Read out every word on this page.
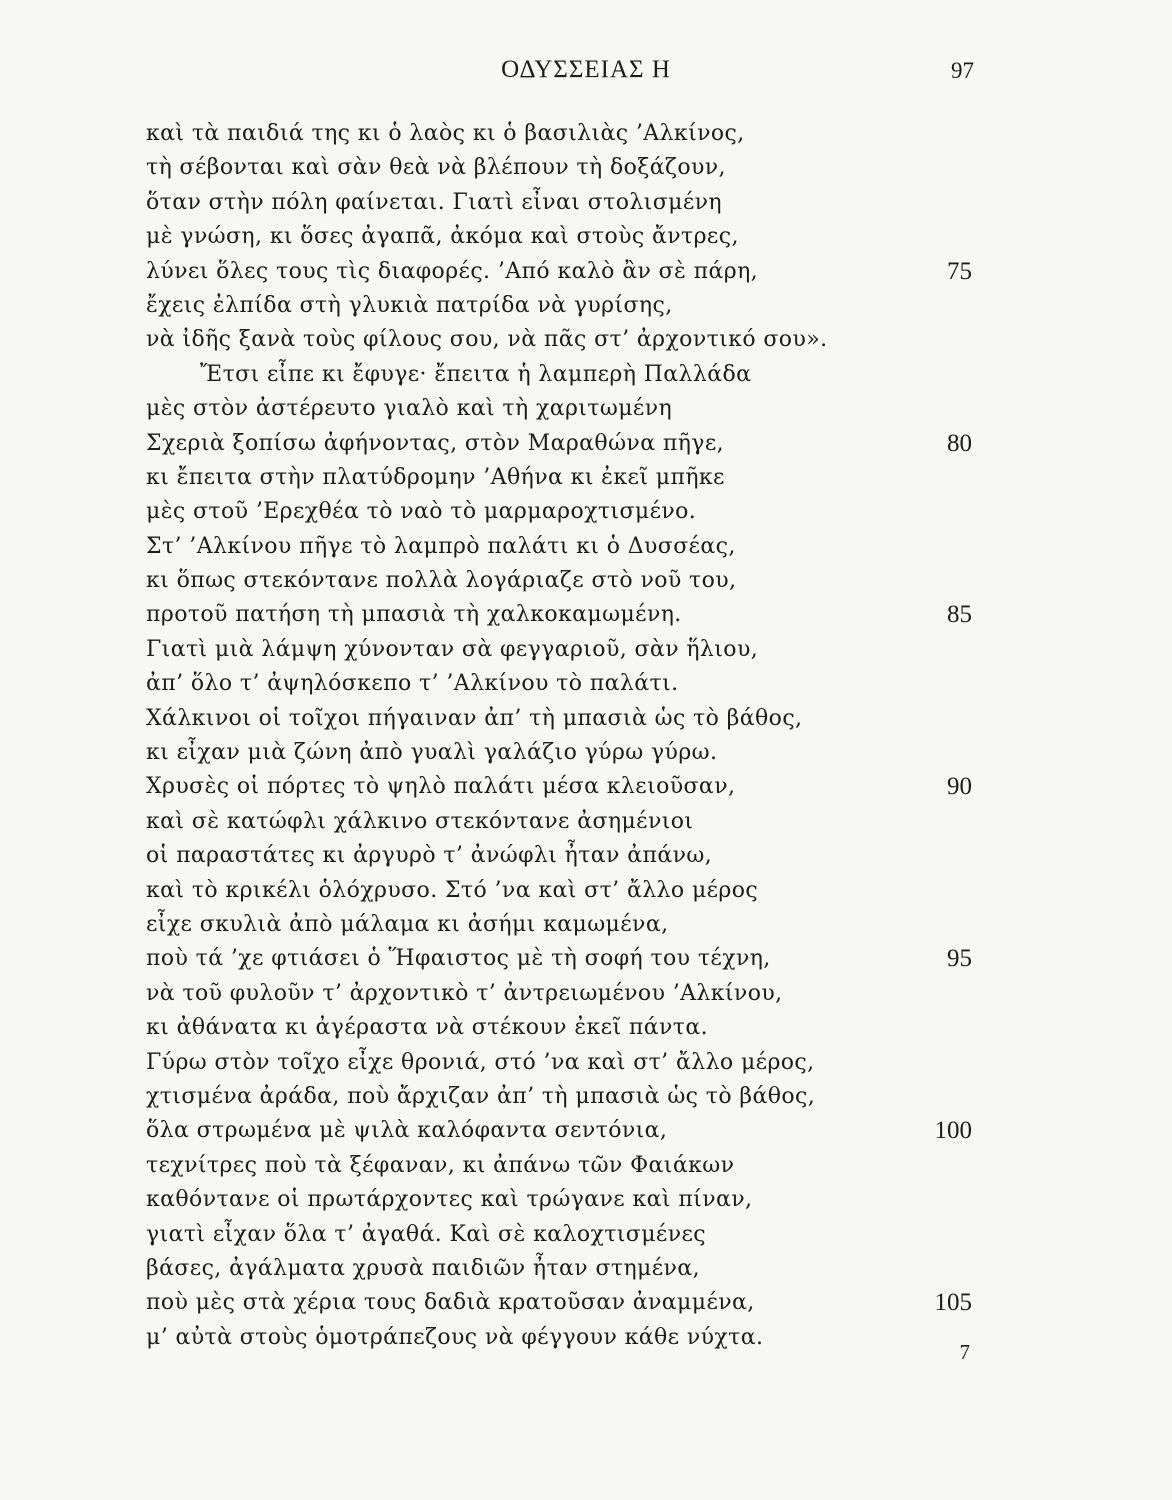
ΟΔΥΣΣΕΙΑΣ Η	97
καὶ τὰ παιδιά της κι ὁ λαὸς κι ὁ βασιλιὰς ’Αλκίνος,
τὴ σέβονται καὶ σὰν θεὰ νὰ βλέπουν τὴ δοξάζουν,
ὅταν στὴν πόλη φαίνεται. Γιατὶ εἶναι στολισμένη
μὲ γνώση, κι ὅσες ἀγαπᾶ, ἀκόμα καὶ στοὺς ἄντρες,
λύνει ὅλες τους τὶς διαφορές. ’Από καλὸ ἂν σὲ πάρη,	75
ἔχεις ἐλπίδα στὴ γλυκιὰ πατρίδα νὰ γυρίσης,
νὰ ἰδῆς ξανὰ τοὺς φίλους σου, νὰ πᾶς στ’ ἀρχοντικό σου».
Ἔτσι εἶπε κι ἔφυγε· ἔπειτα ἡ λαμπερὴ Παλλάδα
μὲς στὸν ἀστέρευτο γιαλὸ καὶ τὴ χαριτωμένη
Σχεριὰ ξοπίσω ἀφήνοντας, στὸν Μαραθώνα πῆγε,	80
κι ἔπειτα στὴν πλατύδρομην ’Αθήνα κι ἐκεῖ μπῆκε
μὲς στοῦ ’Ερεχθέα τὸ ναὸ τὸ μαρμαροχτισμένο.
Στ’ ’Αλκίνου πῆγε τὸ λαμπρὸ παλάτι κι ὁ Δυσσέας,
κι ὅπως στεκόντανε πολλὰ λογάριαζε στὸ νοῦ του,
προτοῦ πατήση τὴ μπασιὰ τὴ χαλκοκαμωμένη.	85
Γιατὶ μιὰ λάμψη χύνονταν σὰ φεγγαριοῦ, σὰν ἥλιου,
ἀπ’ ὅλο τ’ ἀψηλόσκεπο τ’ ’Αλκίνου τὸ παλάτι.
Χάλκινοι οἱ τοῖχοι πήγαιναν ἀπ’ τὴ μπασιὰ ὡς τὸ βάθος,
κι εἶχαν μιὰ ζώνη ἀπὸ γυαλὶ γαλάζιο γύρω γύρω.
Χρυσὲς οἱ πόρτες τὸ ψηλὸ παλάτι μέσα κλειοῦσαν,	90
καὶ σὲ κατώφλι χάλκινο στεκόντανε ἀσημένιοι
οἱ παραστάτες κι ἀργυρὸ τ’ ἀνώφλι ἦταν ἀπάνω,
καὶ τὸ κρικέλι ὁλόχρυσο. Στό ’να καὶ στ’ ἄλλο μέρος
εἶχε σκυλιὰ ἀπὸ μάλαμα κι ἀσήμι καμωμένα,
ποὺ τά ’χε φτιάσει ὁ Ἥφαιστος μὲ τὴ σοφή του τέχνη,	95
νὰ τοῦ φυλοῦν τ’ ἀρχοντικὸ τ’ ἀντρειωμένου ’Αλκίνου,
κι ἀθάνατα κι ἀγέραστα νὰ στέκουν ἐκεῖ πάντα.
Γύρω στὸν τοῖχο εἶχε θρονιά, στό ’να καὶ στ’ ἄλλο μέρος,
χτισμένα ἀράδα, ποὺ ἄρχιζαν ἀπ’ τὴ μπασιὰ ὡς τὸ βάθος,
ὅλα στρωμένα μὲ ψιλὰ καλόφαντα σεντόνια,	100
τεχνίτρες ποὺ τὰ ξέφαναν, κι ἀπάνω τῶν Φαιάκων
καθόντανε οἱ πρωτάρχοντες καὶ τρώγανε καὶ πίναν,
γιατὶ εἶχαν ὅλα τ’ ἀγαθά. Καὶ σὲ καλοχτισμένες
βάσες, ἀγάλματα χρυσὰ παιδιῶν ἦταν στημένα,
ποὺ μὲς στὰ χέρια τους δαδιὰ κρατοῦσαν ἀναμμένα,	105
μ’ αὐτὰ στοὺς ὁμοτράπεζους νὰ φέγγουν κάθε νύχτα.
7
